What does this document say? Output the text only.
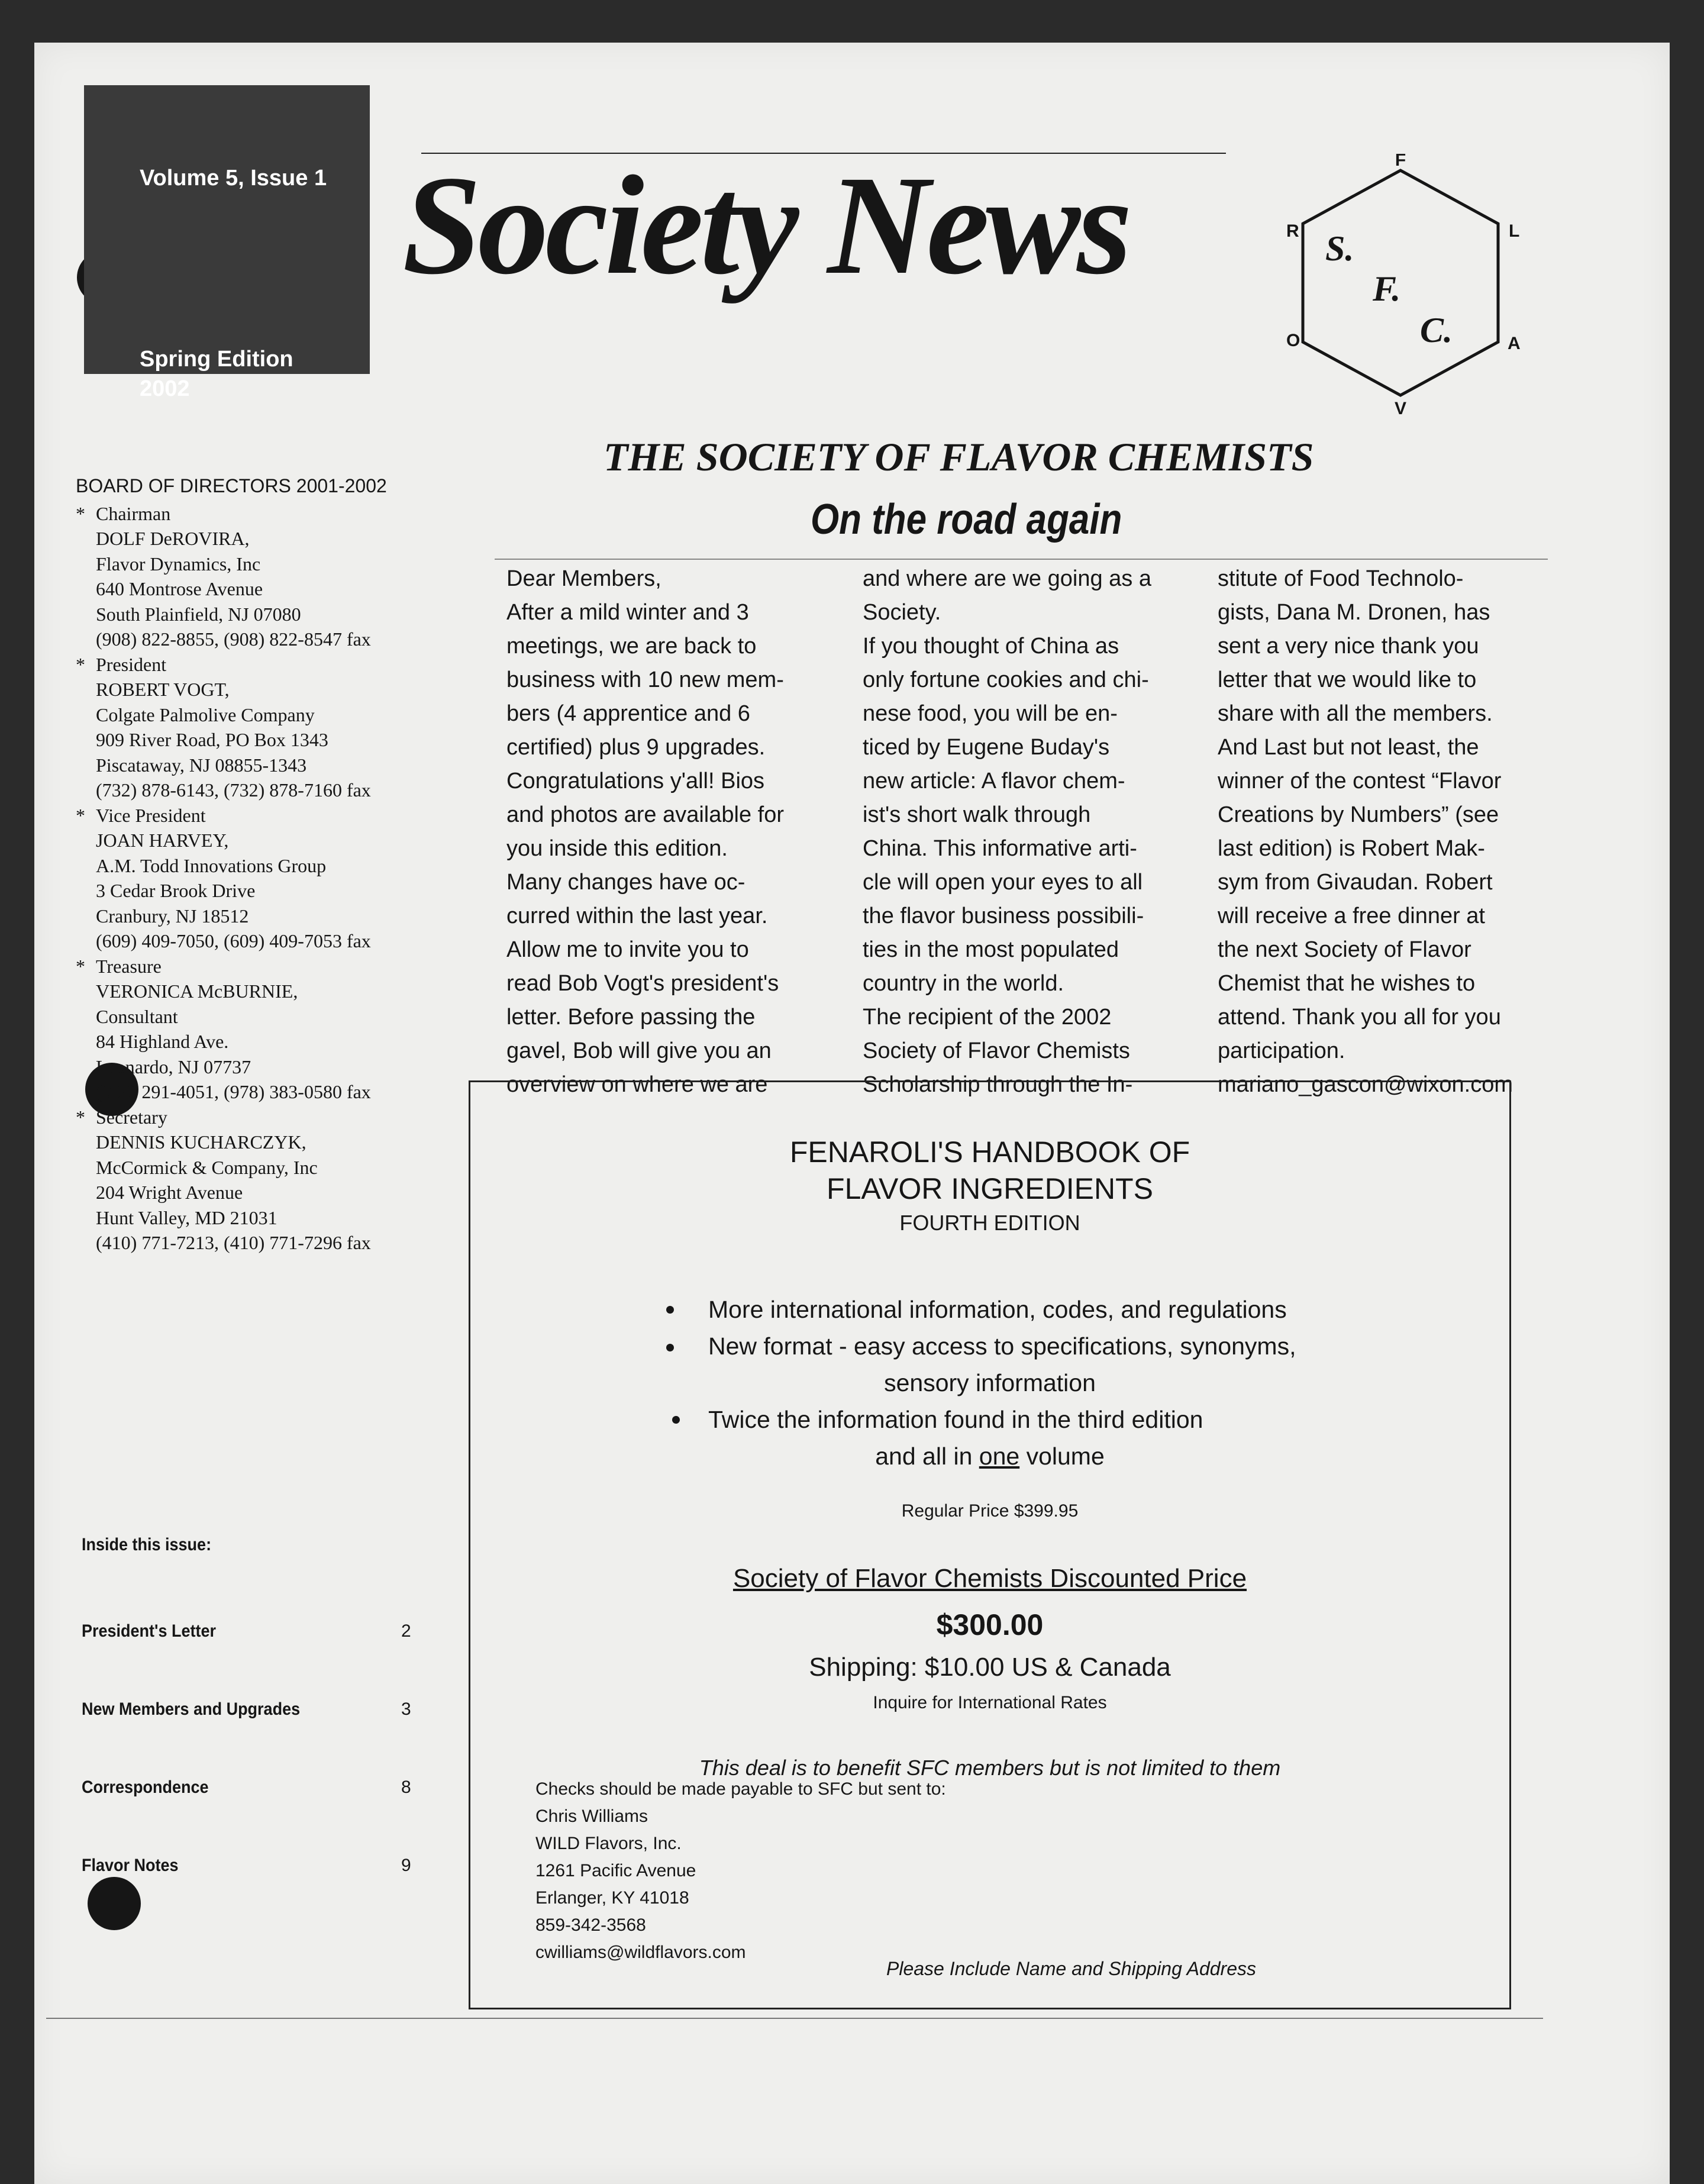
Volume 5, Issue 1
Spring Edition
2002
Society News	F
L
A
V
O
R S.
F.
C.
THE SOCIETY OF FLAVOR CHEMISTS
On the road again
BOARD OF DIRECTORS 2001-2002
* Chairman
DOLF DeROVIRA,
Flavor Dynamics, Inc
640 Montrose Avenue
South Plainfield, NJ 07080
(908) 822-8855, (908) 822-8547 fax
* President
ROBERT VOGT,
Colgate Palmolive Company
909 River Road, PO Box 1343
Piscataway, NJ 08855-1343
(732) 878-6143, (732) 878-7160 fax
* Vice President
JOAN HARVEY,
A.M. Todd Innovations Group
3 Cedar Brook Drive
Cranbury, NJ 18512
(609) 409-7050, (609) 409-7053 fax
* Treasure
VERONICA McBURNIE,
Consultant
84 Highland Ave.
Leonardo, NJ 07737
(908) 291-4051, (978) 383-0580 fax
* Secretary
DENNIS KUCHARCZYK,
McCormick & Company, Inc
204 Wright Avenue
Hunt Valley, MD 21031
(410) 771-7213, (410) 771-7296 fax
Inside this issue:
President's Letter	2
New Members and Upgrades	3
Correspondence	8
Flavor Notes	9
Dear Members,
After a mild winter and 3
meetings, we are back to
business with 10 new mem-
bers (4 apprentice and 6
certified) plus 9 upgrades.
Congratulations y'all! Bios
and photos are available for
you inside this edition.
Many changes have oc-
curred within the last year.
Allow me to invite you to
read Bob Vogt's president's
letter. Before passing the
gavel, Bob will give you an
overview on where we are
and where are we going as a
Society.
If you thought of China as
only fortune cookies and chi-
nese food, you will be en-
ticed by Eugene Buday's
new article: A flavor chem-
ist's short walk through
China. This informative arti-
cle will open your eyes to all
the flavor business possibili-
ties in the most populated
country in the world.
The recipient of the 2002
Society of Flavor Chemists
Scholarship through the In-
stitute of Food Technolo-
gists, Dana M. Dronen, has
sent a very nice thank you
letter that we would like to
share with all the members.
And Last but not least, the
winner of the contest “Flavor
Creations by Numbers” (see
last edition) is Robert Mak-
sym from Givaudan. Robert
will receive a free dinner at
the next Society of Flavor
Chemist that he wishes to
attend. Thank you all for you
participation.
mariano_gascon@wixon.com
FENAROLI'S HANDBOOK OF
FLAVOR INGREDIENTS
FOURTH EDITION
More international information, codes, and regulations
New format - easy access to specifications, synonyms,
sensory information
Twice the information found in the third edition
and all in one volume
Regular Price $399.95
Society of Flavor Chemists Discounted Price
$300.00
Shipping: $10.00 US & Canada
Inquire for International Rates
This deal is to benefit SFC members but is not limited to them
Checks should be made payable to SFC but sent to:
Chris Williams
WILD Flavors, Inc.
1261 Pacific Avenue
Erlanger, KY 41018
859-342-3568
cwilliams@wildflavors.com
Please Include Name and Shipping Address
